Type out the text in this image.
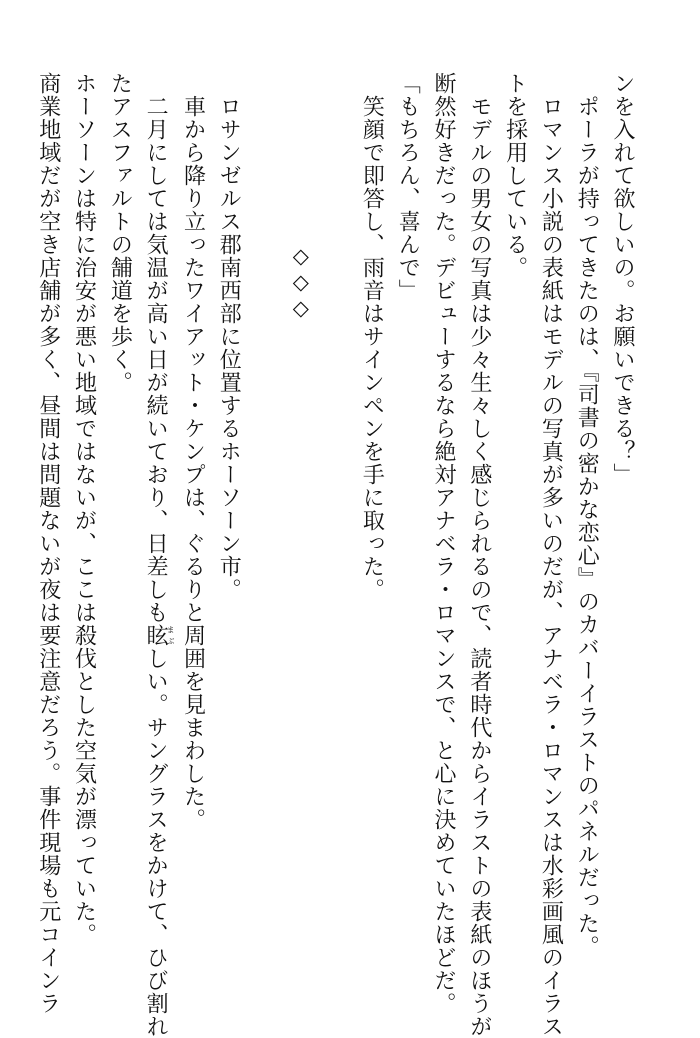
ンを入れて欲しいの。お願いできる？」
ポーラが持ってきたのは、『司書の密かな恋心』のカバーイラストのパネルだった。
ロマンス小説の表紙はモデルの写真が多いのだが、アナベラ・ロマンスは水彩画風のイラス
トを採用している。
モデルの男女の写真は少々生々しく感じられるので、読者時代からイラストの表紙のほうが
断然好きだった。デビューするなら絶対アナベラ・ロマンスで、と心に決めていたほどだ。
「もちろん、喜んで」
笑顔で即答し、雨音はサインペンを手に取った。
◇◇◇
ロサンゼルス郡南西部に位置するホーソーン市。
車から降り立ったワイアット・ケンプは、ぐるりと周囲を見まわした。
二月にしては気温が高い日が続いており、日差しも眩まぶしい。サングラスをかけて、ひび割れ
たアスファルトの舗道を歩く。
ホーソーンは特に治安が悪い地域ではないが、ここは殺伐とした空気が漂っていた。
商業地域だが空き店舗が多く、昼間は問題ないが夜は要注意だろう。事件現場も元コインラ
